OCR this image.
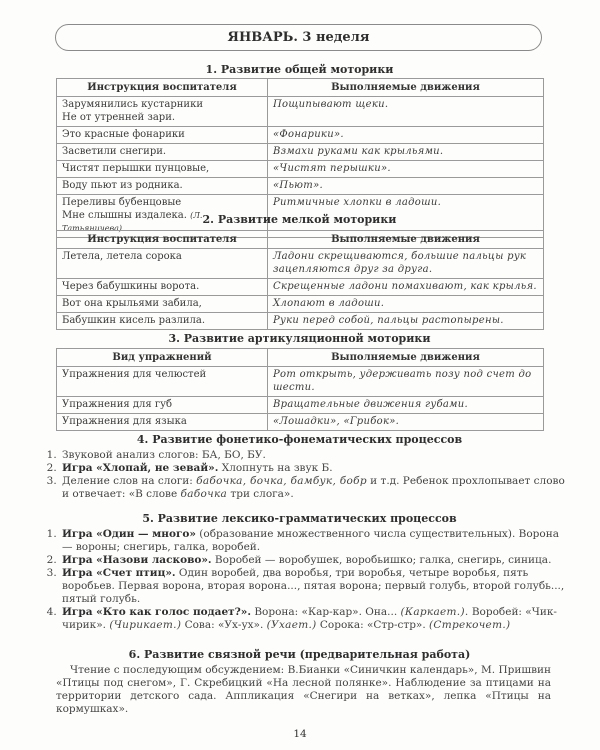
ЯНВАРЬ. 3 неделя
1. Развитие общей моторики
Инструкция воспитателя	Выполняемые движения
Зарумянились кустарники
Не от утренней зари.	Пощипывают щеки.
Это красные фонарики	«Фонарики».
Засветили снегири.	Взмахи руками как крыльями.
Чистят перышки пунцовые,	«Чистят перышки».
Воду пьют из родника.	«Пьют».
Переливы бубенцовые
Мне слышны издалека. (Л. Татьяничева)	Ритмичные хлопки в ладоши.
2. Развитие мелкой моторики
Инструкция воспитателя	Выполняемые движения
Летела, летела сорока	Ладони скрещиваются, большие пальцы рук зацепляются друг за друга.
Через бабушкины ворота.	Скрещенные ладони помахивают, как крылья.
Вот она крыльями забила,	Хлопают в ладоши.
Бабушкин кисель разлила.	Руки перед собой, пальцы растопырены.
3. Развитие артикуляционной моторики
Вид упражнений	Выполняемые движения
Упражнения для челюстей	Рот открыть, удерживать позу под счет до шести.
Упражнения для губ	Вращательные движения губами.
Упражнения для языка	«Лошадки», «Грибок».
4. Развитие фонетико-фонематических процессов
1. Звуковой анализ слогов: БА, БО, БУ.
2. Игра «Хлопай, не зевай». Хлопнуть на звук Б.
3. Деление слов на слоги: бабочка, бочка, бамбук, бобр и т.д. Ребенок прохлопывает слово и отвечает: «В слове бабочка три слога».
5. Развитие лексико-грамматических процессов
1. Игра «Один — много» (образование множественного числа существительных). Ворона — вороны; снегирь, галка, воробей.
2. Игра «Назови ласково». Воробей — воробушек, воробьишко; галка, снегирь, синица.
3. Игра «Счет птиц». Один воробей, два воробья, три воробья, четыре воробья, пять воробьев. Первая ворона, вторая ворона..., пятая ворона; первый голубь, второй голубь..., пятый голубь.
4. Игра «Кто как голос подает?». Ворона: «Кар-кар». Она... (Каркает.). Воробей: «Чик-чирик». (Чирикает.) Сова: «Ух-ух». (Ухает.) Сорока: «Стр-стр». (Стрекочет.)
6. Развитие связной речи (предварительная работа)
Чтение с последующим обсуждением: В.Бианки «Синичкин календарь», М. Пришвин «Птицы под снегом», Г. Скребицкий «На лесной полянке». Наблюдение за птицами на территории детского сада. Аппликация «Снегири на ветках», лепка «Птицы на кормушках».
14
